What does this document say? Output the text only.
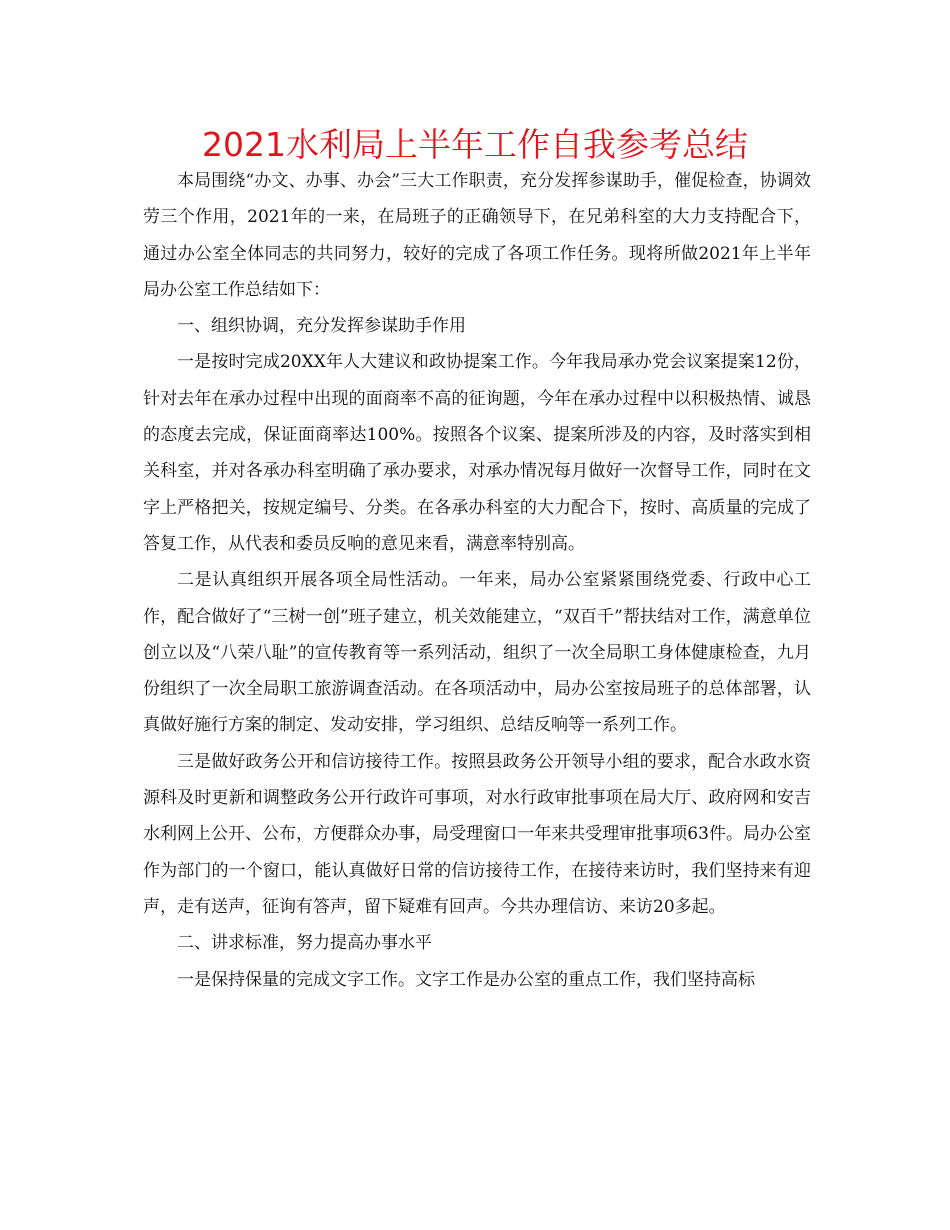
2021水利局上半年工作自我参考总结

本局围绕“办文、办事、办会”三大工作职责，充分发挥参谋助手，催促检查，协调效劳三个作用，2021年的一来，在局班子的正确领导下，在兄弟科室的大力支持配合下，通过办公室全体同志的共同努力，较好的完成了各项工作任务。现将所做2021年上半年局办公室工作总结如下：

一、组织协调，充分发挥参谋助手作用

一是按时完成20XX年人大建议和政协提案工作。今年我局承办党会议案提案12份，针对去年在承办过程中出现的面商率不高的征询题，今年在承办过程中以积极热情、诚恳的态度去完成，保证面商率达100%。按照各个议案、提案所涉及的内容，及时落实到相关科室，并对各承办科室明确了承办要求，对承办情况每月做好一次督导工作，同时在文字上严格把关，按规定编号、分类。在各承办科室的大力配合下，按时、高质量的完成了答复工作，从代表和委员反响的意见来看，满意率特别高。

二是认真组织开展各项全局性活动。一年来，局办公室紧紧围绕党委、行政中心工作，配合做好了“三树一创”班子建立，机关效能建立，“双百千”帮扶结对工作，满意单位创立以及“八荣八耻”的宣传教育等一系列活动，组织了一次全局职工身体健康检查，九月份组织了一次全局职工旅游调查活动。在各项活动中，局办公室按局班子的总体部署，认真做好施行方案的制定、发动安排，学习组织、总结反响等一系列工作。

三是做好政务公开和信访接待工作。按照县政务公开领导小组的要求，配合水政水资源科及时更新和调整政务公开行政许可事项，对水行政审批事项在局大厅、政府网和安吉水利网上公开、公布，方便群众办事，局受理窗口一年来共受理审批事项63件。局办公室作为部门的一个窗口，能认真做好日常的信访接待工作，在接待来访时，我们坚持来有迎声，走有送声，征询有答声，留下疑难有回声。今共办理信访、来访20多起。

二、讲求标准，努力提高办事水平

一是保持保量的完成文字工作。文字工作是办公室的重点工作，我们坚持高标
